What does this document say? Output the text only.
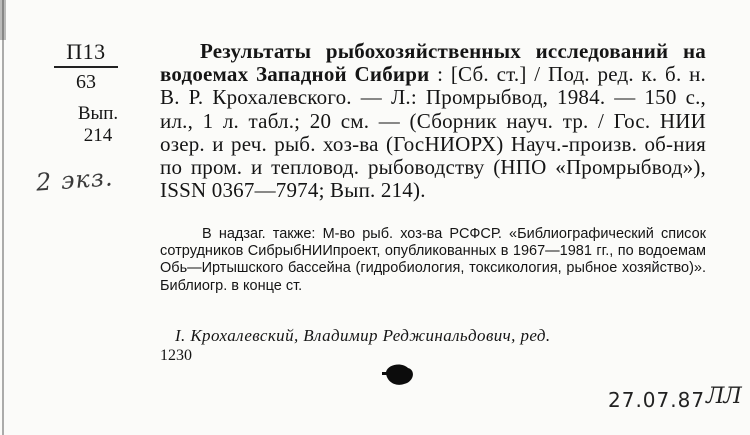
П13
63
Вып.
214
2 экз.
Результаты рыбохозяйственных исследований на водоемах Западной Сибири : [Сб. ст.] / Под. ред. к. б. н. В. Р. Крохалевского. — Л.: Промрыбвод, 1984. — 150 с., ил., 1 л. табл.; 20 см. — (Сборник науч. тр. / Гос. НИИ озер. и реч. рыб. хоз-ва (ГосНИОРХ) Науч.-произв. об-ния по пром. и тепловод. рыбоводству (НПО «Промрыбвод»), ISSN 0367—7974; Вып. 214).
В надзаг. также: М-во рыб. хоз-ва РСФСР. «Библиографический список сотрудников СибрыбНИИпроект, опубликованных в 1967—1981 гг., по водоемам Обь—Иртышского бассейна (гидробиология, токсикология, рыбное хозяйство)». Библиогр. в конце ст.
I. Крохалевский, Владимир Реджинальдович, ред.
1230
27.07.87 ЛЛ
